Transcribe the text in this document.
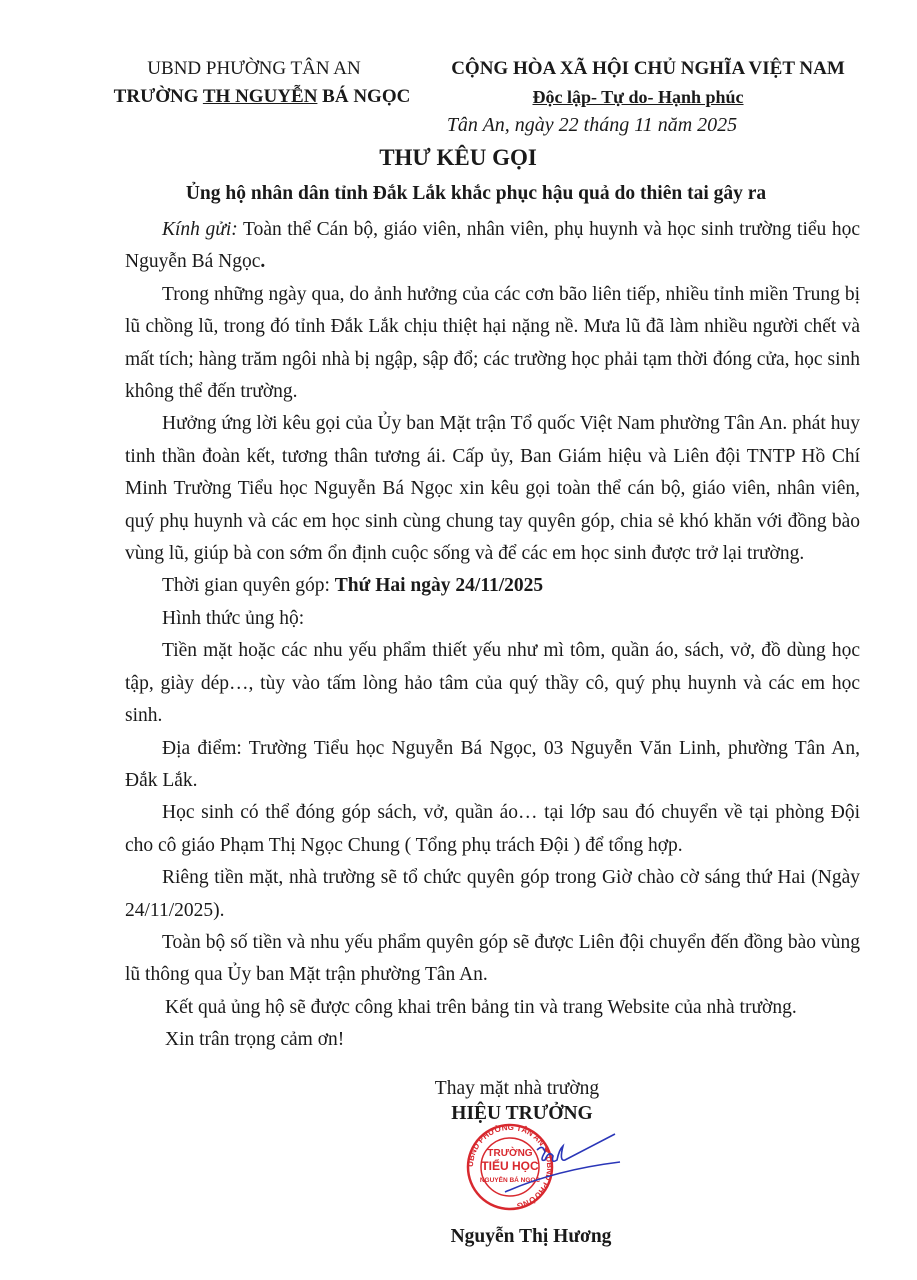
UBND PHƯỜNG TÂN AN
TRƯỜNG TH NGUYỄN BÁ NGỌC
CỘNG HÒA XÃ HỘI CHỦ NGHĨA VIỆT NAM
Độc lập- Tự do- Hạnh phúc
Tân An, ngày 22 tháng 11 năm 2025
THƯ KÊU GỌI
Ủng hộ nhân dân tỉnh Đắk Lắk khắc phục hậu quả do thiên tai gây ra

Kính gửi: Toàn thể Cán bộ, giáo viên, nhân viên, phụ huynh và học sinh trường tiểu học Nguyễn Bá Ngọc.

Trong những ngày qua, do ảnh hưởng của các cơn bão liên tiếp, nhiều tỉnh miền Trung bị lũ chồng lũ, trong đó tỉnh Đắk Lắk chịu thiệt hại nặng nề. Mưa lũ đã làm nhiều người chết và mất tích; hàng trăm ngôi nhà bị ngập, sập đổ; các trường học phải tạm thời đóng cửa, học sinh không thể đến trường.

Hưởng ứng lời kêu gọi của Ủy ban Mặt trận Tổ quốc Việt Nam phường Tân An. phát huy tinh thần đoàn kết, tương thân tương ái. Cấp ủy, Ban Giám hiệu và Liên đội TNTP Hồ Chí Minh Trường Tiểu học Nguyễn Bá Ngọc xin kêu gọi toàn thể cán bộ, giáo viên, nhân viên, quý phụ huynh và các em học sinh cùng chung tay quyên góp, chia sẻ khó khăn với đồng bào vùng lũ, giúp bà con sớm ổn định cuộc sống và để các em học sinh được trở lại trường.

Thời gian quyên góp: Thứ Hai ngày 24/11/2025

Hình thức ủng hộ:

Tiền mặt hoặc các nhu yếu phẩm thiết yếu như mì tôm, quần áo, sách, vở, đồ dùng học tập, giày dép…, tùy vào tấm lòng hảo tâm của quý thầy cô, quý phụ huynh và các em học sinh.

Địa điểm: Trường Tiểu học Nguyễn Bá Ngọc, 03 Nguyễn Văn Linh, phường Tân An, Đắk Lắk.

Học sinh có thể đóng góp sách, vở, quần áo… tại lớp sau đó chuyển về tại phòng Đội cho cô giáo Phạm Thị Ngọc Chung ( Tổng phụ trách Đội ) để tổng hợp.

Riêng tiền mặt, nhà trường sẽ tổ chức quyên góp trong Giờ chào cờ sáng thứ Hai (Ngày 24/11/2025).

Toàn bộ số tiền và nhu yếu phẩm quyên góp sẽ được Liên đội chuyển đến đồng bào vùng lũ thông qua Ủy ban Mặt trận phường Tân An.

Kết quả ủng hộ sẽ được công khai trên bảng tin và trang Website của nhà trường.

Xin trân trọng cảm ơn!

Thay mặt nhà trường
HIỆU TRƯỞNG
UBND PHƯỜNG TÂN AN ★ UBND PHƯỜNG
TRƯỜNG
TIỂU HỌC
NGUYỄN BÁ NGỌC
Nguyễn Thị Hương
